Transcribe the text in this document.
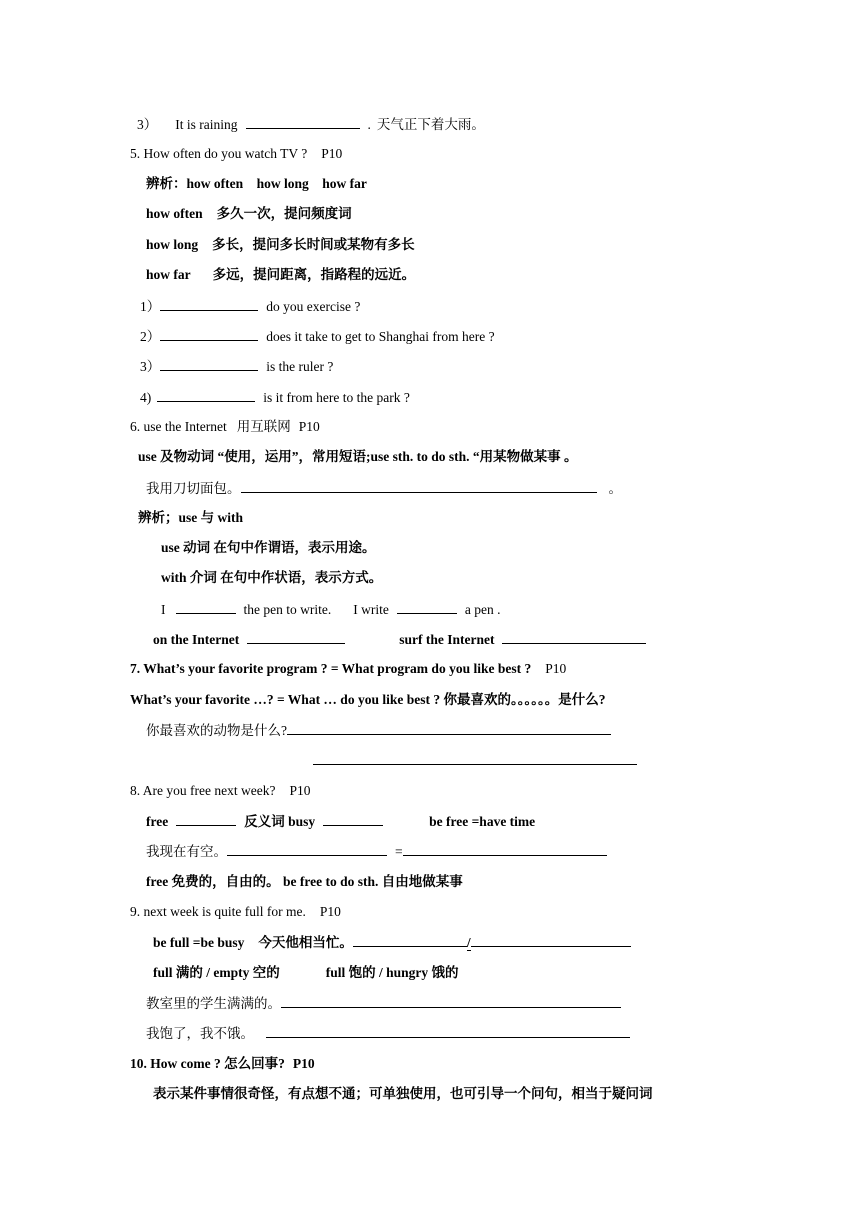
3） It is raining	. 天气正下着大雨。
5. How often do you watch TV ? P10
辨析：how often　how long　how far
how often 多久一次，提问频度词
how long 多长，提问多长时间或某物有多长
how far 多远，提问距离，指路程的远近。
1）	do you exercise ?
2）	does it take to get to Shanghai from here ?
3）	is the ruler ?
4)	is it from here to the park ?
6. use the Internet 用互联网 P10
use 及物动词 “使用，运用”，常用短语;use sth. to do sth. “用某物做某事 。
我用刀切面包。	。
辨析；use 与 with
use 动词 在句中作谓语，表示用途。
with 介词 在句中作状语，表示方式。
I	the pen to write. I write	a pen .
on the Internet	surf the Internet
7. What’s your favorite program ? = What program do you like best ? P10
What’s your favorite …? = What … do you like best ? 你最喜欢的。。。。。。是什么?
你最喜欢的动物是什么?
8. Are you free next week? P10
free	反义词 busy	be free =have time
我现在有空。	=
free 免费的，自由的。 be free to do sth. 自由地做某事
9. next week is quite full for me. P10
be full =be busy 今天他相当忙。	/
full 满的 / empty 空的	full 饱的 / hungry 饿的
教室里的学生满满的。
我饱了，我不饿。
10. How come ? 怎么回事? P10
表示某件事情很奇怪，有点想不通；可单独使用，也可引导一个问句，相当于疑问词
